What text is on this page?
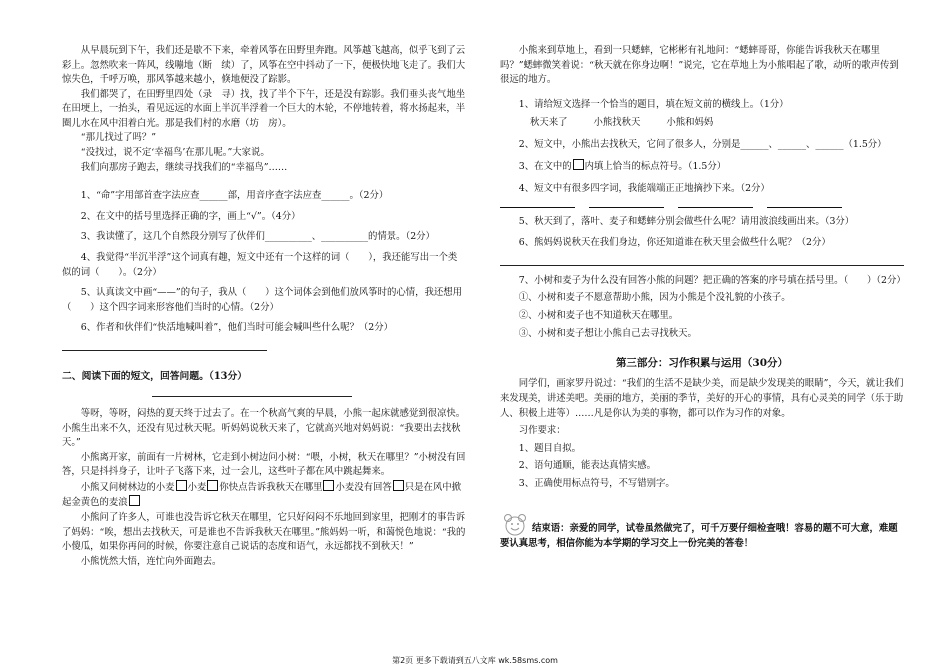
从早晨玩到下午，我们还是歇不下来，牵着风筝在田野里奔跑。风筝越飞越高，似乎飞到了云彩上。忽然吹来一阵风，线嘣地（断　续）了，风筝在空中抖动了一下，便极快地飞走了。我们大惊失色，千呼万唤，那风筝越来越小，倏地便没了踪影。

我们都哭了，在田野里四处（录　寻）找，找了半个下午，还是没有踪影。我们垂头丧气地坐在田埂上，一抬头，看见远远的水面上半沉半浮着一个巨大的木轮，不停地转着，将水扬起来，半圈儿水在风中泪着白光。那是我们村的水磨（坊　房）。

“那儿找过了吗？”

“没找过，说不定‘幸福鸟’在那儿呢。”大家说。

我们向那房子跑去，继续寻找我们的“幸福鸟”……

1、“命”字用部首查字法应查______部，用音序查字法应查______。（2分）

2、在文中的括号里选择正确的字，画上“√”。（4分）

3、我读懂了，这几个自然段分别写了伙伴们__________、__________的情景。（2分）

4、我觉得“半沉半浮”这个词真有趣，短文中还有一个这样的词（　　），我还能写出一个类似的词（　　）。（2分）

5、认真读文中画“——”的句子，我从（　　）这个词体会到他们放风筝时的心情，我还想用（　　）这个四字词来形容他们当时的心情。（2分）

6、作者和伙伴们“快活地喊叫着”，他们当时可能会喊叫些什么呢？（2分）

二、阅读下面的短文，回答问题。（13分）

等呀，等呀，闷热的夏天终于过去了。在一个秋高气爽的早晨，小熊一起床就感觉到很凉快。小熊生出来不久，还没有见过秋天呢。听妈妈说秋天来了，它就高兴地对妈妈说：“我要出去找秋天。”

小熊离开家，前面有一片树林，它走到小树边问小树：“喂，小树，秋天在哪里？”小树没有回答，只是抖抖身子，让叶子飞落下来，过一会儿，这些叶子都在风中跳起舞来。

小熊又问树林边的小麦 小麦 你快点告诉我秋天在哪里 小麦没有回答 只是在风中掀起金黄色的麦浪

小熊问了许多人，可谁也没告诉它秋天在哪里，它只好闷闷不乐地回到家里，把刚才的事告诉了妈妈：“唉，想出去找秋天，可是谁也不告诉我秋天在哪里。”熊妈妈一听，和蔼悦色地说：“我的小傻瓜，如果你再问的时候，你要注意自己说话的态度和语气，永远都找不到秋天！”

小熊恍然大悟，连忙向外面跑去。

小熊来到草地上，看到一只蟋蟀，它彬彬有礼地问：“蟋蟀哥哥，你能告诉我秋天在哪里吗？”蟋蟀微笑着说：“秋天就在你身边啊！”说完，它在草地上为小熊唱起了歌，动听的歌声传到很远的地方。

1、请给短文选择一个恰当的题目，填在短文前的横线上。（1分）

秋天来了	小熊找秋天	小熊和妈妈

2、短文中，小熊出去找秋天，它问了很多人，分别是______、______、______（1.5分）

3、在文中的 内填上恰当的标点符号。（1.5分）

4、短文中有很多四字词，我能端端正正地摘抄下来。（2分）

5、秋天到了，落叶、麦子和蟋蟀分别会做些什么呢？请用波浪线画出来。（3分）

6、熊妈妈说秋天在我们身边，你还知道谁在秋天里会做些什么呢？（2分）

7、小树和麦子为什么没有回答小熊的问题？把正确的答案的序号填在括号里。（　　）（2分）

①、小树和麦子不愿意帮助小熊，因为小熊是个没礼貌的小孩子。

②、小树和麦子也不知道秋天在哪里。

③、小树和麦子想让小熊自己去寻找秋天。

第三部分：习作积累与运用（30分）

同学们，画家罗丹说过：“我们的生活不是缺少美，而是缺少发现美的眼睛”，今天，就让我们来发现美，讲述美吧。美丽的地方，美丽的季节，美好的开心的事情，具有心灵美的同学（乐于助人、积极上进等）……凡是你认为美的事物，都可以作为习作的对象。

习作要求：

1、题目自拟。

2、语句通顺，能表达真情实感。

3、正确使用标点符号，不写错别字。

结束语：亲爱的同学，试卷虽然做完了，可千万要仔细检查哦！容易的题不可大意，难题要认真思考，相信你能为本学期的学习交上一份完美的答卷！

第2页 更多下载请到五八文库 wk.58sms.com
